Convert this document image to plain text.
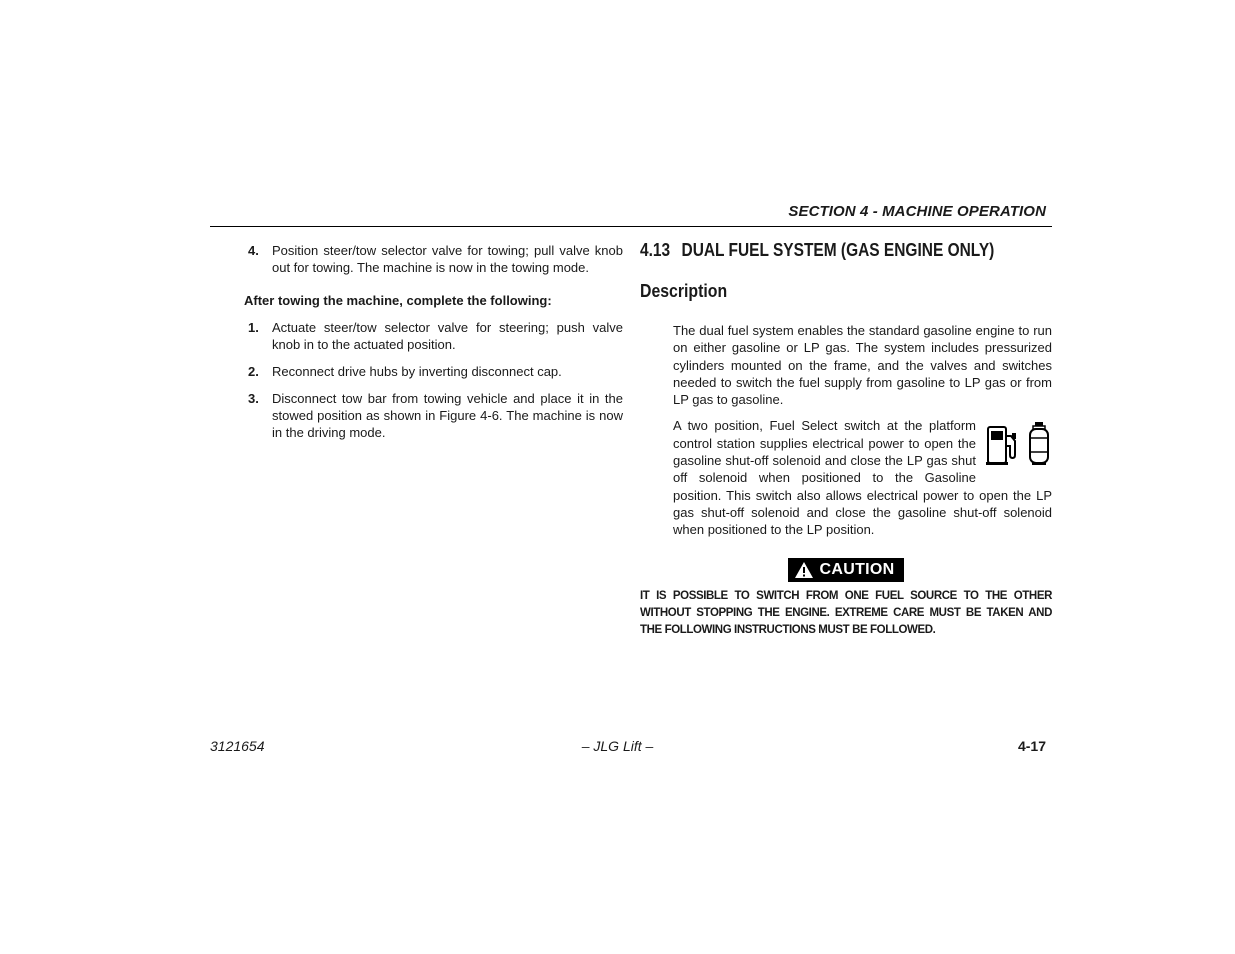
SECTION 4 - MACHINE OPERATION
4.	Position steer/tow selector valve for towing; pull valve knob out for towing. The machine is now in the towing mode.
After towing the machine, complete the following:
1.	Actuate steer/tow selector valve for steering; push valve knob in to the actuated position.
2.	Reconnect drive hubs by inverting disconnect cap.
3.	Disconnect tow bar from towing vehicle and place it in the stowed position as shown in Figure 4-6. The machine is now in the driving mode.
4.13 DUAL FUEL SYSTEM (GAS ENGINE ONLY)
Description
The dual fuel system enables the standard gasoline engine to run on either gasoline or LP gas. The system includes pressurized cylinders mounted on the frame, and the valves and switches needed to switch the fuel supply from gasoline to LP gas or from LP gas to gasoline.
A two position, Fuel Select switch at the platform control station supplies electrical power to open the gasoline shut-off solenoid and close the LP gas shut off solenoid when positioned to the Gasoline position. This switch also allows electrical power to open the LP gas shut-off solenoid and close the gasoline shut-off solenoid when positioned to the LP position.
CAUTION
IT IS POSSIBLE TO SWITCH FROM ONE FUEL SOURCE TO THE OTHER WITHOUT STOPPING THE ENGINE. EXTREME CARE MUST BE TAKEN AND THE FOLLOWING INSTRUCTIONS MUST BE FOLLOWED.
3121654	– JLG Lift –	4-17
